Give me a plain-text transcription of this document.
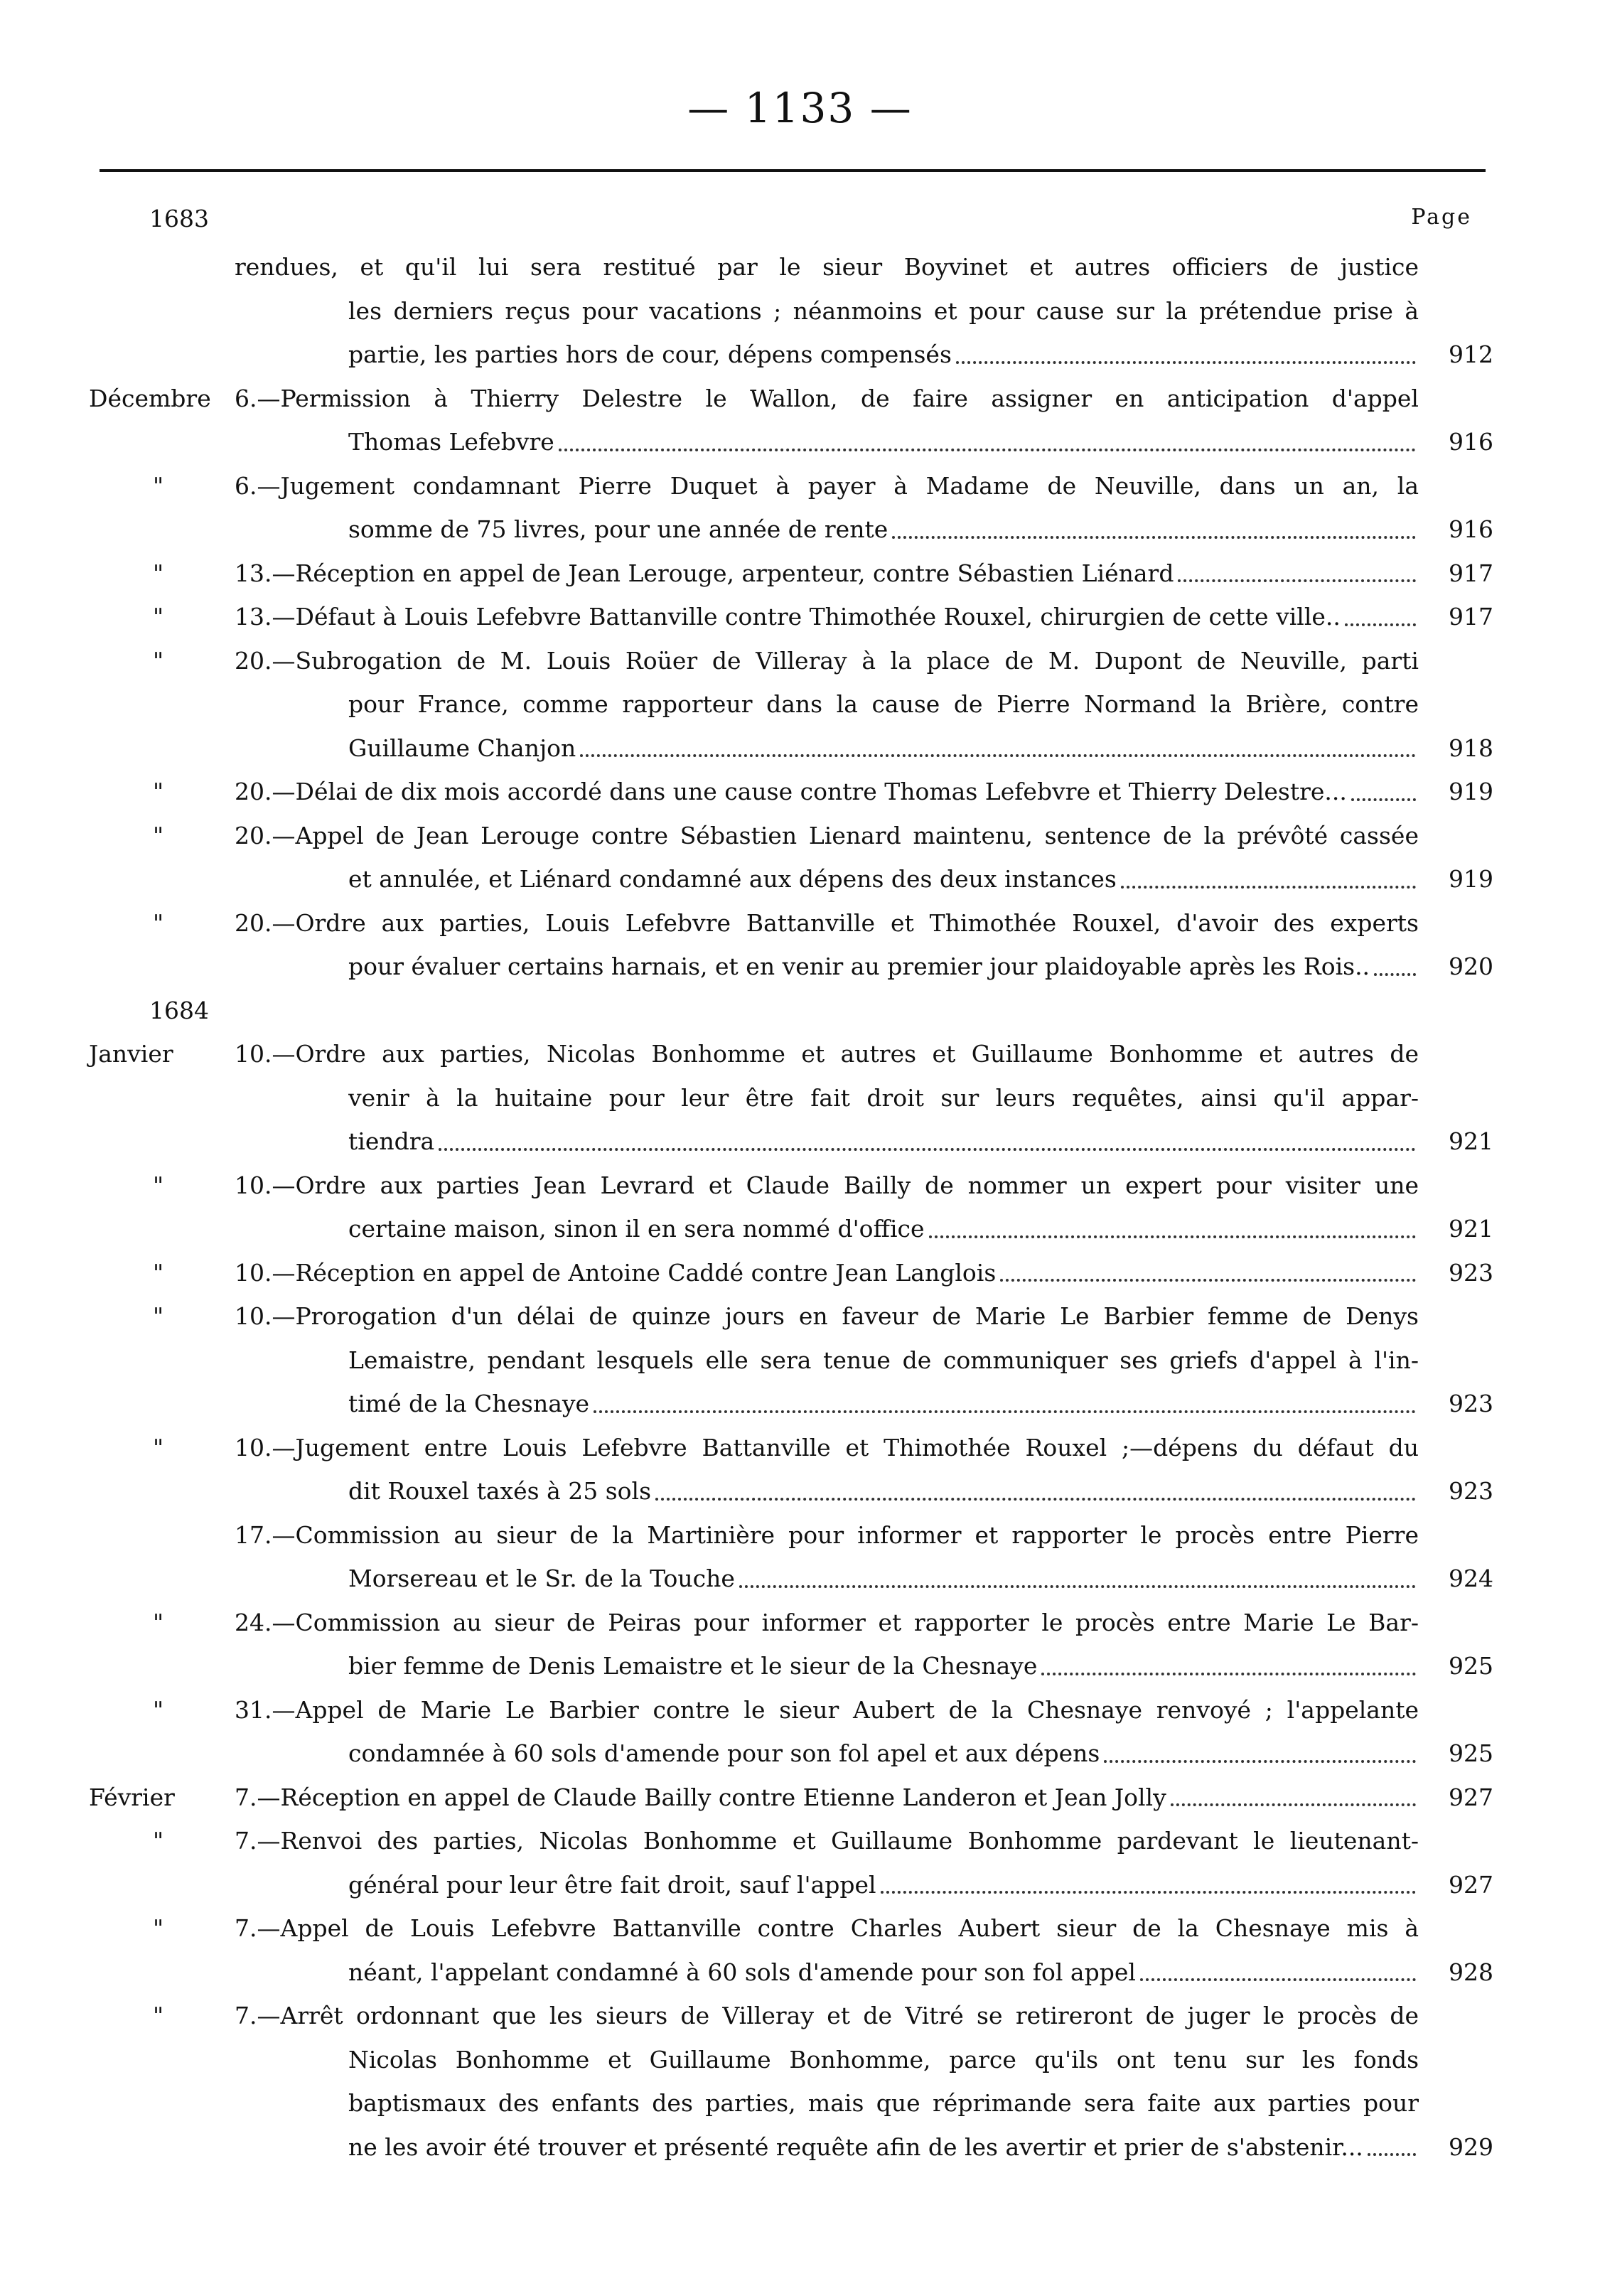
— 1133 —
1683	Page
rendues, et qu'il lui sera restitué par le sieur Boyvinet et autres officiers de justice
les derniers reçus pour vacations ; néanmoins et pour cause sur la prétendue prise à
partie, les parties hors de cour, dépens compensés	912
Décembre 6.—Permission à Thierry Delestre le Wallon, de faire assigner en anticipation d'appel
Thomas Lefebvre	916
"	6.—Jugement condamnant Pierre Duquet à payer à Madame de Neuville, dans un an, la
somme de 75 livres, pour une année de rente	916
"	13.—Réception en appel de Jean Lerouge, arpenteur, contre Sébastien Liénard	917
"	13.—Défaut à Louis Lefebvre Battanville contre Thimothée Rouxel, chirurgien de cette ville..	917
"	20.—Subrogation de M. Louis Roüer de Villeray à la place de M. Dupont de Neuville, parti
pour France, comme rapporteur dans la cause de Pierre Normand la Brière, contre
Guillaume Chanjon	918
"	20.—Délai de dix mois accordé dans une cause contre Thomas Lefebvre et Thierry Delestre...	919
"	20.—Appel de Jean Lerouge contre Sébastien Lienard maintenu, sentence de la prévôté cassée
et annulée, et Liénard condamné aux dépens des deux instances	919
"	20.—Ordre aux parties, Louis Lefebvre Battanville et Thimothée Rouxel, d'avoir des experts
pour évaluer certains harnais, et en venir au premier jour plaidoyable après les Rois..	920
1684
Janvier	10.—Ordre aux parties, Nicolas Bonhomme et autres et Guillaume Bonhomme et autres de
venir à la huitaine pour leur être fait droit sur leurs requêtes, ainsi qu'il appar-
tiendra	921
"	10.—Ordre aux parties Jean Levrard et Claude Bailly de nommer un expert pour visiter une
certaine maison, sinon il en sera nommé d'office	921
"	10.—Réception en appel de Antoine Caddé contre Jean Langlois	923
"	10.—Prorogation d'un délai de quinze jours en faveur de Marie Le Barbier femme de Denys
Lemaistre, pendant lesquels elle sera tenue de communiquer ses griefs d'appel à l'in-
timé de la Chesnaye	923
"	10.—Jugement entre Louis Lefebvre Battanville et Thimothée Rouxel ;—dépens du défaut du
dit Rouxel taxés à 25 sols	923
17.—Commission au sieur de la Martinière pour informer et rapporter le procès entre Pierre
Morsereau et le Sr. de la Touche	924
"	24.—Commission au sieur de Peiras pour informer et rapporter le procès entre Marie Le Bar-
bier femme de Denis Lemaistre et le sieur de la Chesnaye	925
"	31.—Appel de Marie Le Barbier contre le sieur Aubert de la Chesnaye renvoyé ; l'appelante
condamnée à 60 sols d'amende pour son fol apel et aux dépens	925
Février	7.—Réception en appel de Claude Bailly contre Etienne Landeron et Jean Jolly	927
"	7.—Renvoi des parties, Nicolas Bonhomme et Guillaume Bonhomme pardevant le lieutenant-
général pour leur être fait droit, sauf l'appel	927
"	7.—Appel de Louis Lefebvre Battanville contre Charles Aubert sieur de la Chesnaye mis à
néant, l'appelant condamné à 60 sols d'amende pour son fol appel	928
"	7.—Arrêt ordonnant que les sieurs de Villeray et de Vitré se retireront de juger le procès de
Nicolas Bonhomme et Guillaume Bonhomme, parce qu'ils ont tenu sur les fonds
baptismaux des enfants des parties, mais que réprimande sera faite aux parties pour
ne les avoir été trouver et présenté requête afin de les avertir et prier de s'abstenir...	929
